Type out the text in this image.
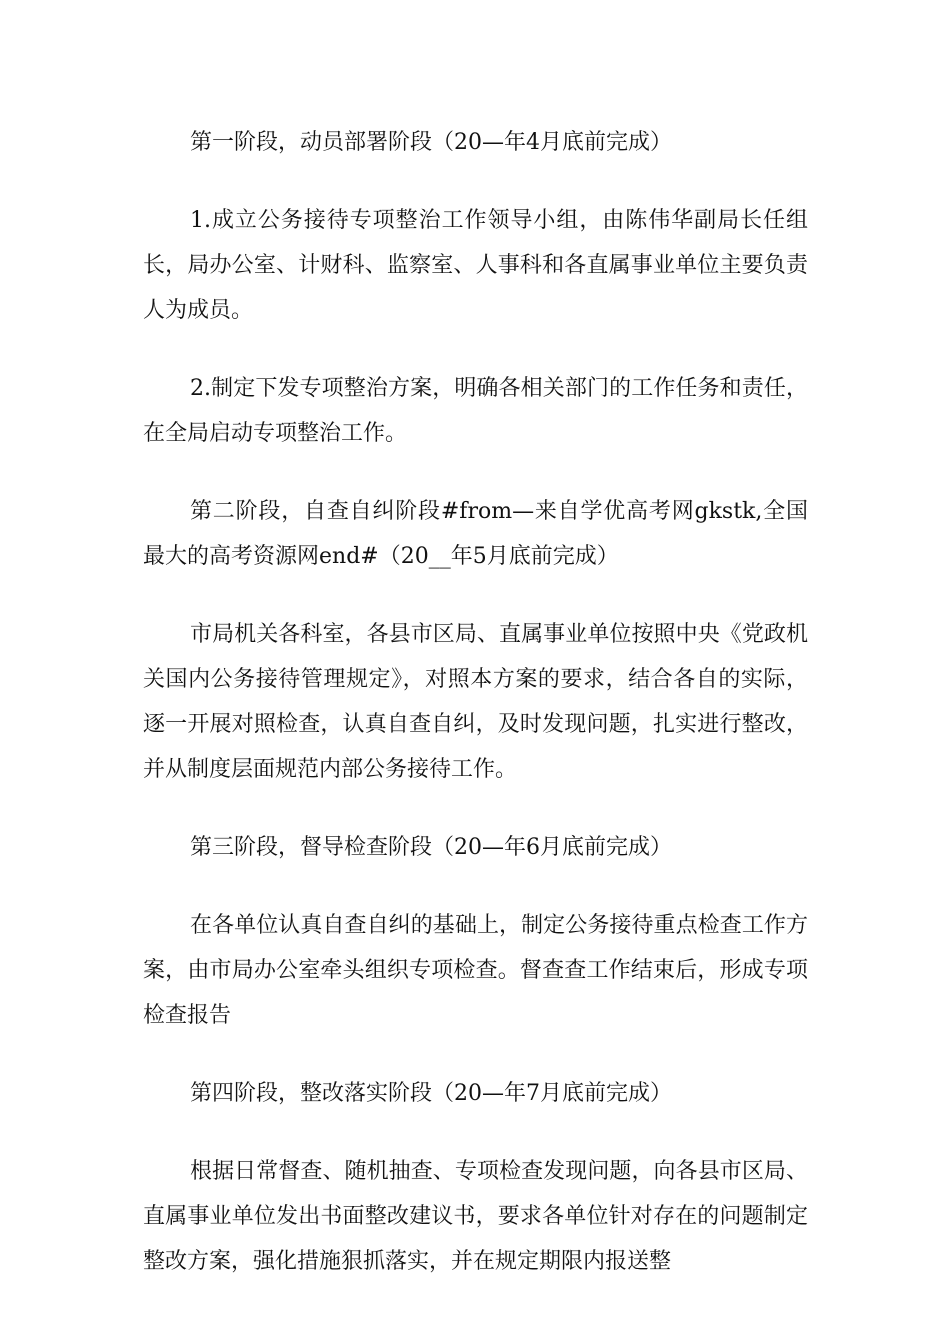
第一阶段，动员部署阶段（20—年4月底前完成）

1.成立公务接待专项整治工作领导小组，由陈伟华副局长任组长，局办公室、计财科、监察室、人事科和各直属事业单位主要负责人为成员。

2.制定下发专项整治方案，明确各相关部门的工作任务和责任，在全局启动专项整治工作。

第二阶段，自查自纠阶段#from—来自学优高考网gkstk,全国最大的高考资源网end#（20__年5月底前完成）

市局机关各科室，各县市区局、直属事业单位按照中央《党政机关国内公务接待管理规定》，对照本方案的要求，结合各自的实际，逐一开展对照检查，认真自查自纠，及时发现问题，扎实进行整改，并从制度层面规范内部公务接待工作。

第三阶段，督导检查阶段（20—年6月底前完成）

在各单位认真自查自纠的基础上，制定公务接待重点检查工作方案，由市局办公室牵头组织专项检查。督查查工作结束后，形成专项检查报告

第四阶段，整改落实阶段（20—年7月底前完成）

根据日常督查、随机抽查、专项检查发现问题，向各县市区局、直属事业单位发出书面整改建议书，要求各单位针对存在的问题制定整改方案，强化措施狠抓落实，并在规定期限内报送整
